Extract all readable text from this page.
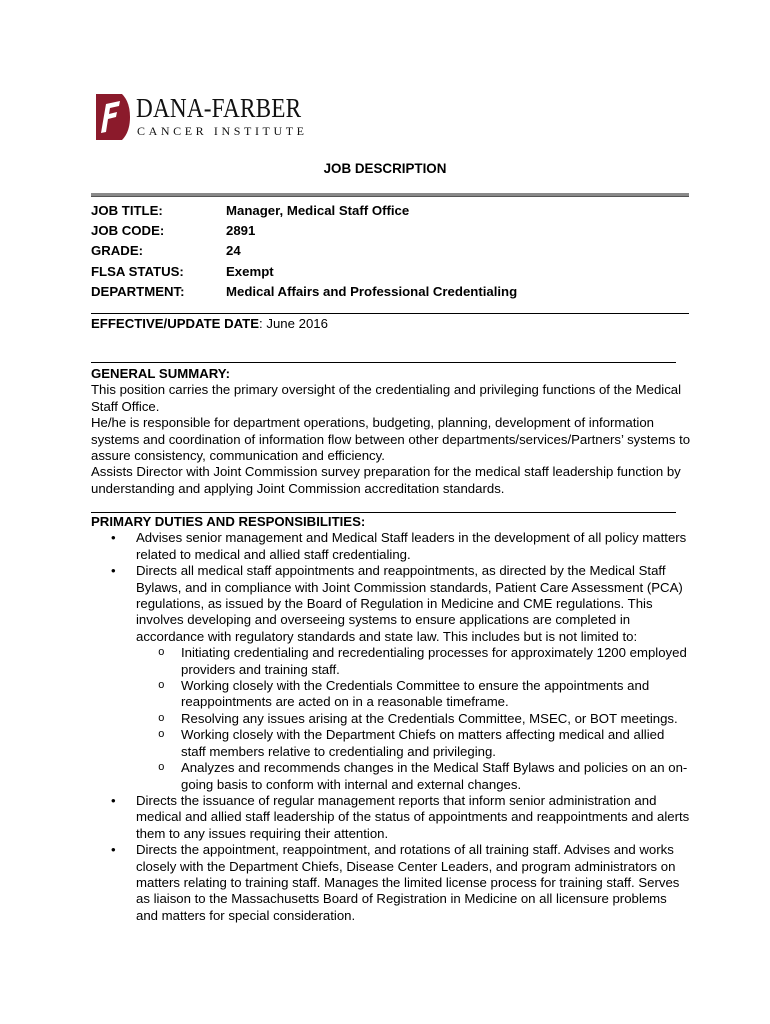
DANA-FARBER
CANCER INSTITUTE
JOB DESCRIPTION
JOB TITLE:	Manager, Medical Staff Office
JOB CODE:	2891
GRADE:	24
FLSA STATUS:	Exempt
DEPARTMENT:	Medical Affairs and Professional Credentialing
EFFECTIVE/UPDATE DATE: June 2016
GENERAL SUMMARY:

This position carries the primary oversight of the credentialing and privileging functions of the Medical Staff Office.

He/he is responsible for department operations, budgeting, planning, development of information systems and coordination of information flow between other departments/services/Partners’ systems to assure consistency, communication and efficiency.

Assists Director with Joint Commission survey preparation for the medical staff leadership function by understanding and applying Joint Commission accreditation standards.

PRIMARY DUTIES AND RESPONSIBILITIES:
• Advises senior management and Medical Staff leaders in the development of all policy matters related to medical and allied staff credentialing.
• Directs all medical staff appointments and reappointments, as directed by the Medical Staff Bylaws, and in compliance with Joint Commission standards, Patient Care Assessment (PCA) regulations, as issued by the Board of Regulation in Medicine and CME regulations. This involves developing and overseeing systems to ensure applications are completed in accordance with regulatory standards and state law. This includes but is not limited to:
o Initiating credentialing and recredentialing processes for approximately 1200 employed providers and training staff.
o Working closely with the Credentials Committee to ensure the appointments and reappointments are acted on in a reasonable timeframe.
o Resolving any issues arising at the Credentials Committee, MSEC, or BOT meetings.
o Working closely with the Department Chiefs on matters affecting medical and allied staff members relative to credentialing and privileging.
o Analyzes and recommends changes in the Medical Staff Bylaws and policies on an on-going basis to conform with internal and external changes.
• Directs the issuance of regular management reports that inform senior administration and medical and allied staff leadership of the status of appointments and reappointments and alerts them to any issues requiring their attention.
• Directs the appointment, reappointment, and rotations of all training staff. Advises and works closely with the Department Chiefs, Disease Center Leaders, and program administrators on matters relating to training staff. Manages the limited license process for training staff. Serves as liaison to the Massachusetts Board of Registration in Medicine on all licensure problems and matters for special consideration.
